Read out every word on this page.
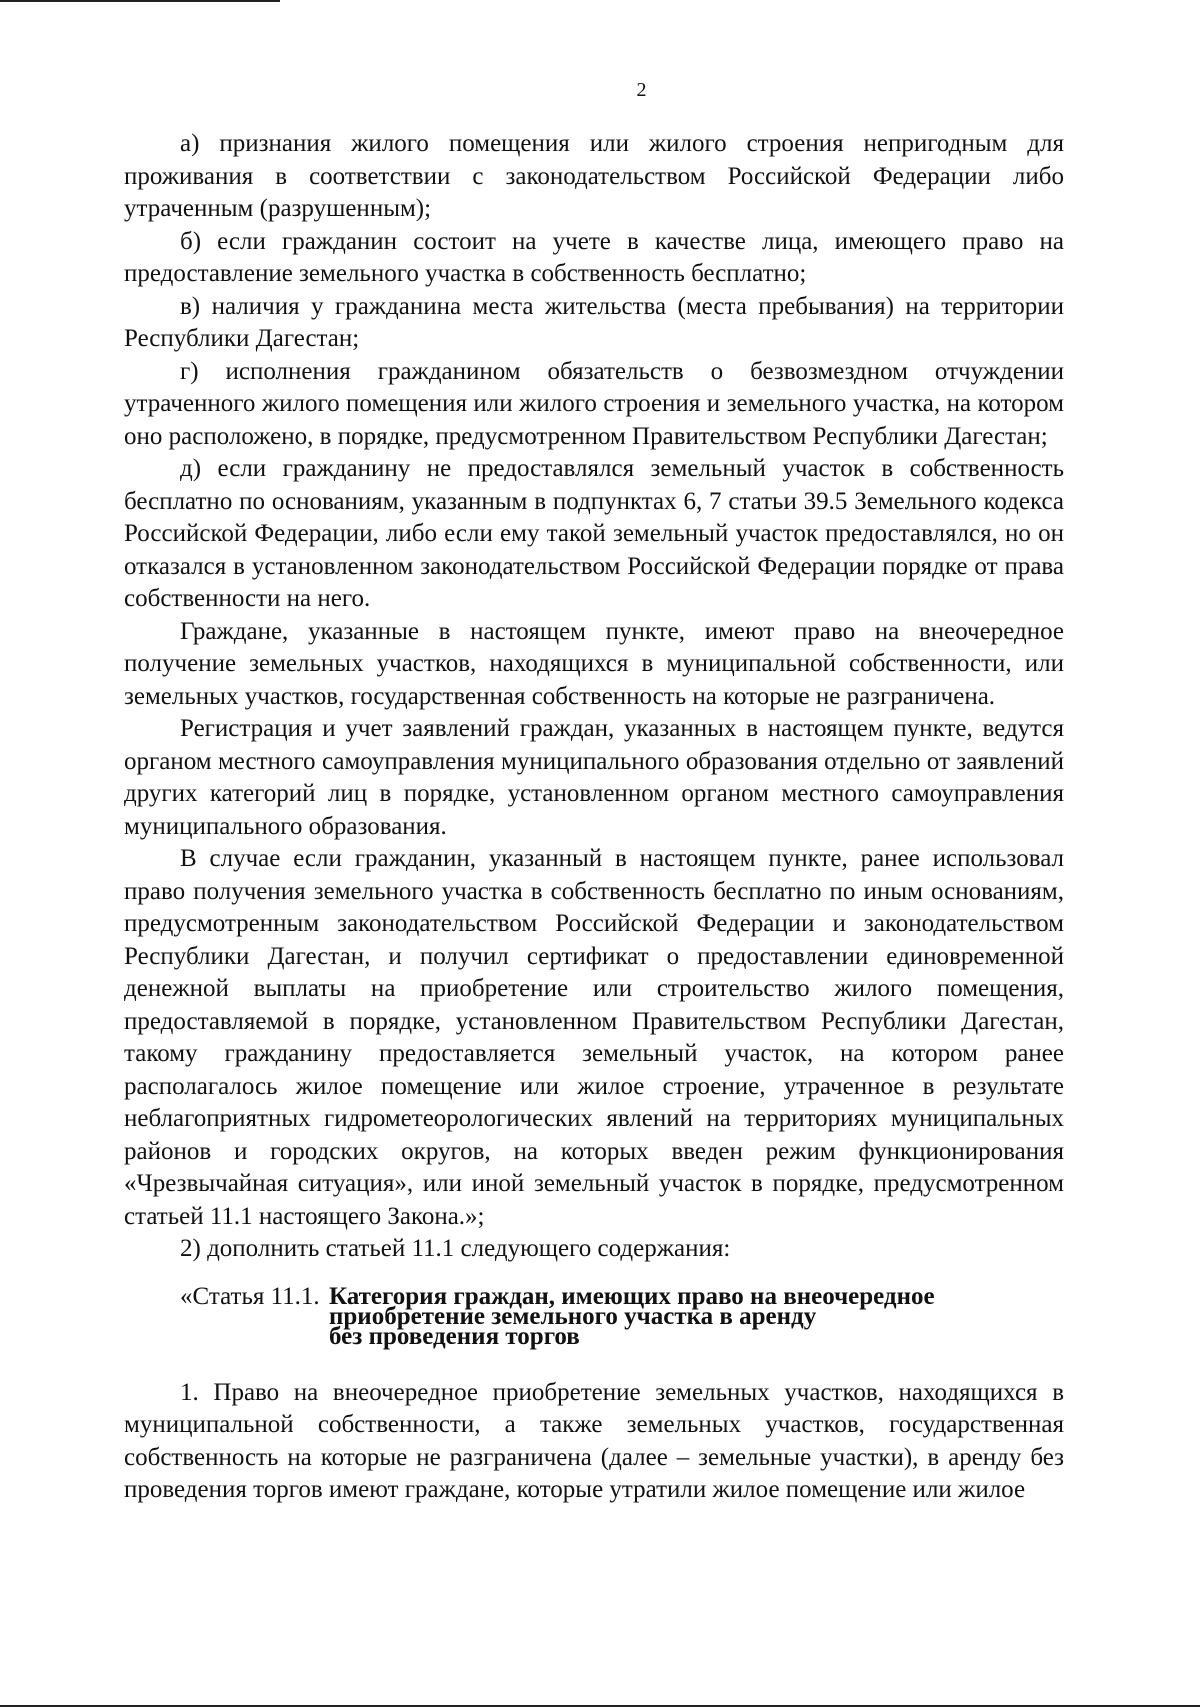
2

а) признания жилого помещения или жилого строения непригодным для проживания в соответствии с законодательством Российской Федерации либо утраченным (разрушенным);

б) если гражданин состоит на учете в качестве лица, имеющего право на предоставление земельного участка в собственность бесплатно;

в) наличия у гражданина места жительства (места пребывания) на территории Республики Дагестан;

г) исполнения гражданином обязательств о безвозмездном отчуждении утраченного жилого помещения или жилого строения и земельного участка, на котором оно расположено, в порядке, предусмотренном Правительством Республики Дагестан;

д) если гражданину не предоставлялся земельный участок в собственность бесплатно по основаниям, указанным в подпунктах 6, 7 статьи 39.5 Земельного кодекса Российской Федерации, либо если ему такой земельный участок предоставлялся, но он отказался в установленном законодательством Российской Федерации порядке от права собственности на него.

Граждане, указанные в настоящем пункте, имеют право на внеочередное получение земельных участков, находящихся в муниципальной собственности, или земельных участков, государственная собственность на которые не разграничена.

Регистрация и учет заявлений граждан, указанных в настоящем пункте, ведутся органом местного самоуправления муниципального образования отдельно от заявлений других категорий лиц в порядке, установленном органом местного самоуправления муниципального образования.

В случае если гражданин, указанный в настоящем пункте, ранее использовал право получения земельного участка в собственность бесплатно по иным основаниям, предусмотренным законодательством Российской Федерации и законодательством Республики Дагестан, и получил сертификат о предоставлении единовременной денежной выплаты на приобретение или строительство жилого помещения, предоставляемой в порядке, установленном Правительством Республики Дагестан, такому гражданину предоставляется земельный участок, на котором ранее располагалось жилое помещение или жилое строение, утраченное в результате неблагоприятных гидрометеорологических явлений на территориях муниципальных районов и городских округов, на которых введен режим функционирования «Чрезвычайная ситуация», или иной земельный участок в порядке, предусмотренном статьей 11.1 настоящего Закона.»;

2) дополнить статьей 11.1 следующего содержания:

«Статья 11.1. Категория граждан, имеющих право на внеочередное
приобретение земельного участка в аренду
без проведения торгов

1. Право на внеочередное приобретение земельных участков, находящихся в муниципальной собственности, а также земельных участков, государственная собственность на которые не разграничена (далее – земельные участки), в аренду без проведения торгов имеют граждане, которые утратили жилое помещение или жилое
